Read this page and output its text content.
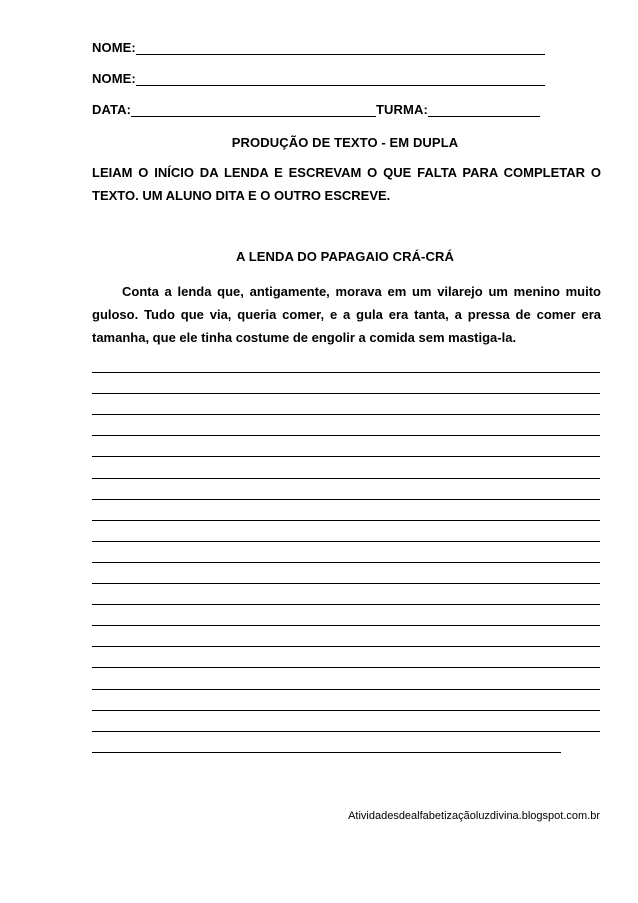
NOME:
NOME:
DATA:	TURMA:
PRODUÇÃO DE TEXTO - EM DUPLA
LEIAM O INÍCIO DA LENDA E ESCREVAM O QUE FALTA PARA COMPLETAR O TEXTO. UM ALUNO DITA E O OUTRO ESCREVE.
A LENDA DO PAPAGAIO CRÁ-CRÁ
Conta a lenda que, antigamente, morava em um vilarejo um menino muito guloso. Tudo que via, queria comer, e a gula era tanta, a pressa de comer era tamanha, que ele tinha costume de engolir a comida sem mastiga-la.
Atividadesdealfabetizaçãoluzdivina.blogspot.com.br
